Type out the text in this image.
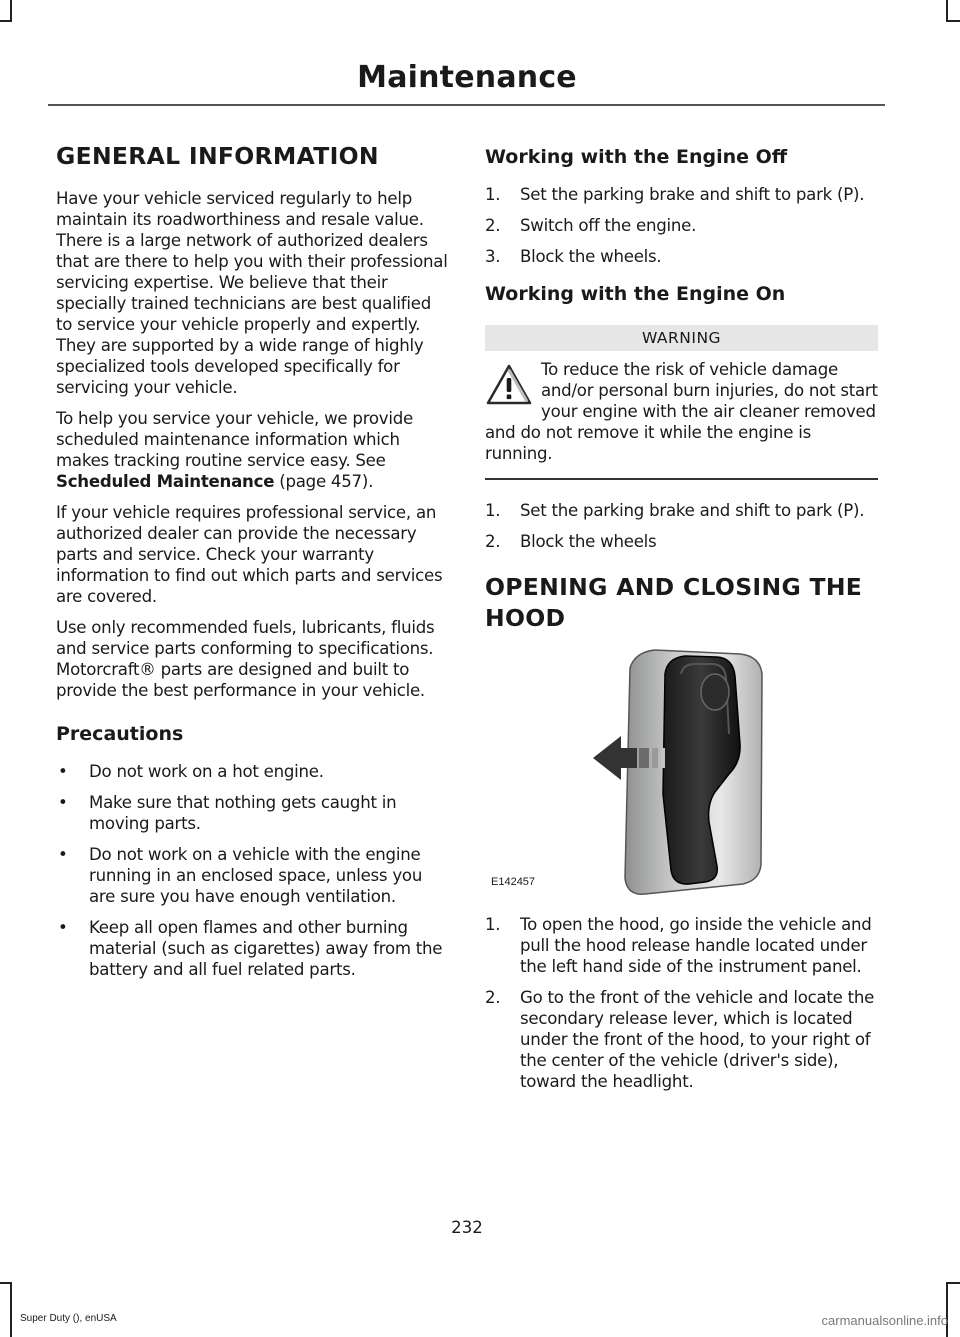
Maintenance
GENERAL INFORMATION

Have your vehicle serviced regularly to help maintain its roadworthiness and resale value. There is a large network of authorized dealers that are there to help you with their professional servicing expertise. We believe that their specially trained technicians are best qualified to service your vehicle properly and expertly. They are supported by a wide range of highly specialized tools developed specifically for servicing your vehicle.

To help you service your vehicle, we provide scheduled maintenance information which makes tracking routine service easy. See Scheduled Maintenance (page 457).

If your vehicle requires professional service, an authorized dealer can provide the necessary parts and service. Check your warranty information to find out which parts and services are covered.

Use only recommended fuels, lubricants, fluids and service parts conforming to specifications. Motorcraft® parts are designed and built to provide the best performance in your vehicle.

Precautions
• Do not work on a hot engine.
• Make sure that nothing gets caught in moving parts.
• Do not work on a vehicle with the engine running in an enclosed space, unless you are sure you have enough ventilation.
• Keep all open flames and other burning material (such as cigarettes) away from the battery and all fuel related parts.
Working with the Engine Off
1. Set the parking brake and shift to park (P).
2. Switch off the engine.
3. Block the wheels.
Working with the Engine On
WARNING
To reduce the risk of vehicle damage and/or personal burn injuries, do not start your engine with the air cleaner removed and do not remove it while the engine is running.
1. Set the parking brake and shift to park (P).
2. Block the wheels
OPENING AND CLOSING THE
HOOD
E142457
1. To open the hood, go inside the vehicle and pull the hood release handle located under the left hand side of the instrument panel.
2. Go to the front of the vehicle and locate the secondary release lever, which is located under the front of the hood, to your right of the center of the vehicle (driver's side), toward the headlight.
232
Super Duty (), enUSA	carmanualsonline.info
